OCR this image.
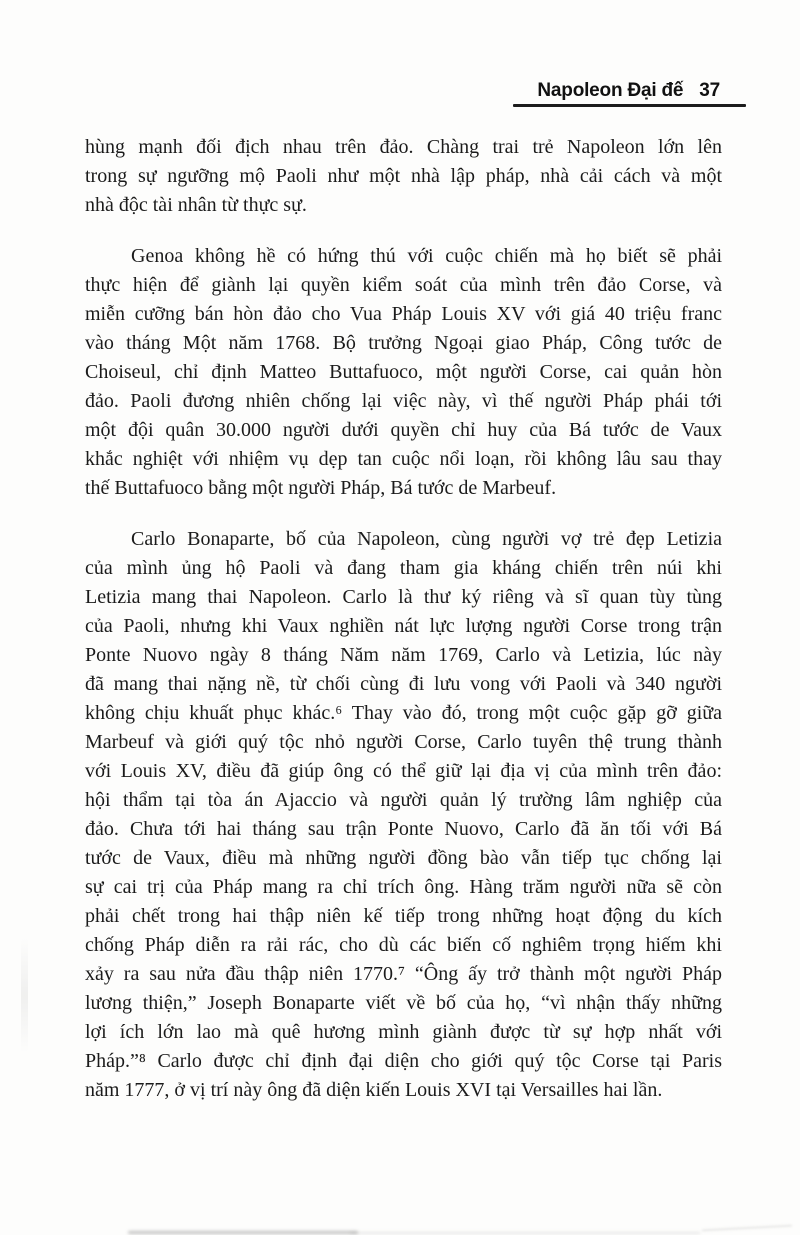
Napoleon Đại đế 37
hùng mạnh đối địch nhau trên đảo. Chàng trai trẻ Napoleon lớn lên
trong sự ngưỡng mộ Paoli như một nhà lập pháp, nhà cải cách và một
nhà độc tài nhân từ thực sự.
Genoa không hề có hứng thú với cuộc chiến mà họ biết sẽ phải
thực hiện để giành lại quyền kiểm soát của mình trên đảo Corse, và
miễn cưỡng bán hòn đảo cho Vua Pháp Louis XV với giá 40 triệu franc
vào tháng Một năm 1768. Bộ trưởng Ngoại giao Pháp, Công tước de
Choiseul, chỉ định Matteo Buttafuoco, một người Corse, cai quản hòn
đảo. Paoli đương nhiên chống lại việc này, vì thế người Pháp phái tới
một đội quân 30.000 người dưới quyền chỉ huy của Bá tước de Vaux
khắc nghiệt với nhiệm vụ dẹp tan cuộc nổi loạn, rồi không lâu sau thay
thế Buttafuoco bằng một người Pháp, Bá tước de Marbeuf.
Carlo Bonaparte, bố của Napoleon, cùng người vợ trẻ đẹp Letizia
của mình ủng hộ Paoli và đang tham gia kháng chiến trên núi khi
Letizia mang thai Napoleon. Carlo là thư ký riêng và sĩ quan tùy tùng
của Paoli, nhưng khi Vaux nghiền nát lực lượng người Corse trong trận
Ponte Nuovo ngày 8 tháng Năm năm 1769, Carlo và Letizia, lúc này
đã mang thai nặng nề, từ chối cùng đi lưu vong với Paoli và 340 người
không chịu khuất phục khác.⁶ Thay vào đó, trong một cuộc gặp gỡ giữa
Marbeuf và giới quý tộc nhỏ người Corse, Carlo tuyên thệ trung thành
với Louis XV, điều đã giúp ông có thể giữ lại địa vị của mình trên đảo:
hội thẩm tại tòa án Ajaccio và người quản lý trường lâm nghiệp của
đảo. Chưa tới hai tháng sau trận Ponte Nuovo, Carlo đã ăn tối với Bá
tước de Vaux, điều mà những người đồng bào vẫn tiếp tục chống lại
sự cai trị của Pháp mang ra chỉ trích ông. Hàng trăm người nữa sẽ còn
phải chết trong hai thập niên kế tiếp trong những hoạt động du kích
chống Pháp diễn ra rải rác, cho dù các biến cố nghiêm trọng hiếm khi
xảy ra sau nửa đầu thập niên 1770.⁷ “Ông ấy trở thành một người Pháp
lương thiện,” Joseph Bonaparte viết về bố của họ, “vì nhận thấy những
lợi ích lớn lao mà quê hương mình giành được từ sự hợp nhất với
Pháp.”⁸ Carlo được chỉ định đại diện cho giới quý tộc Corse tại Paris
năm 1777, ở vị trí này ông đã diện kiến Louis XVI tại Versailles hai lần.
